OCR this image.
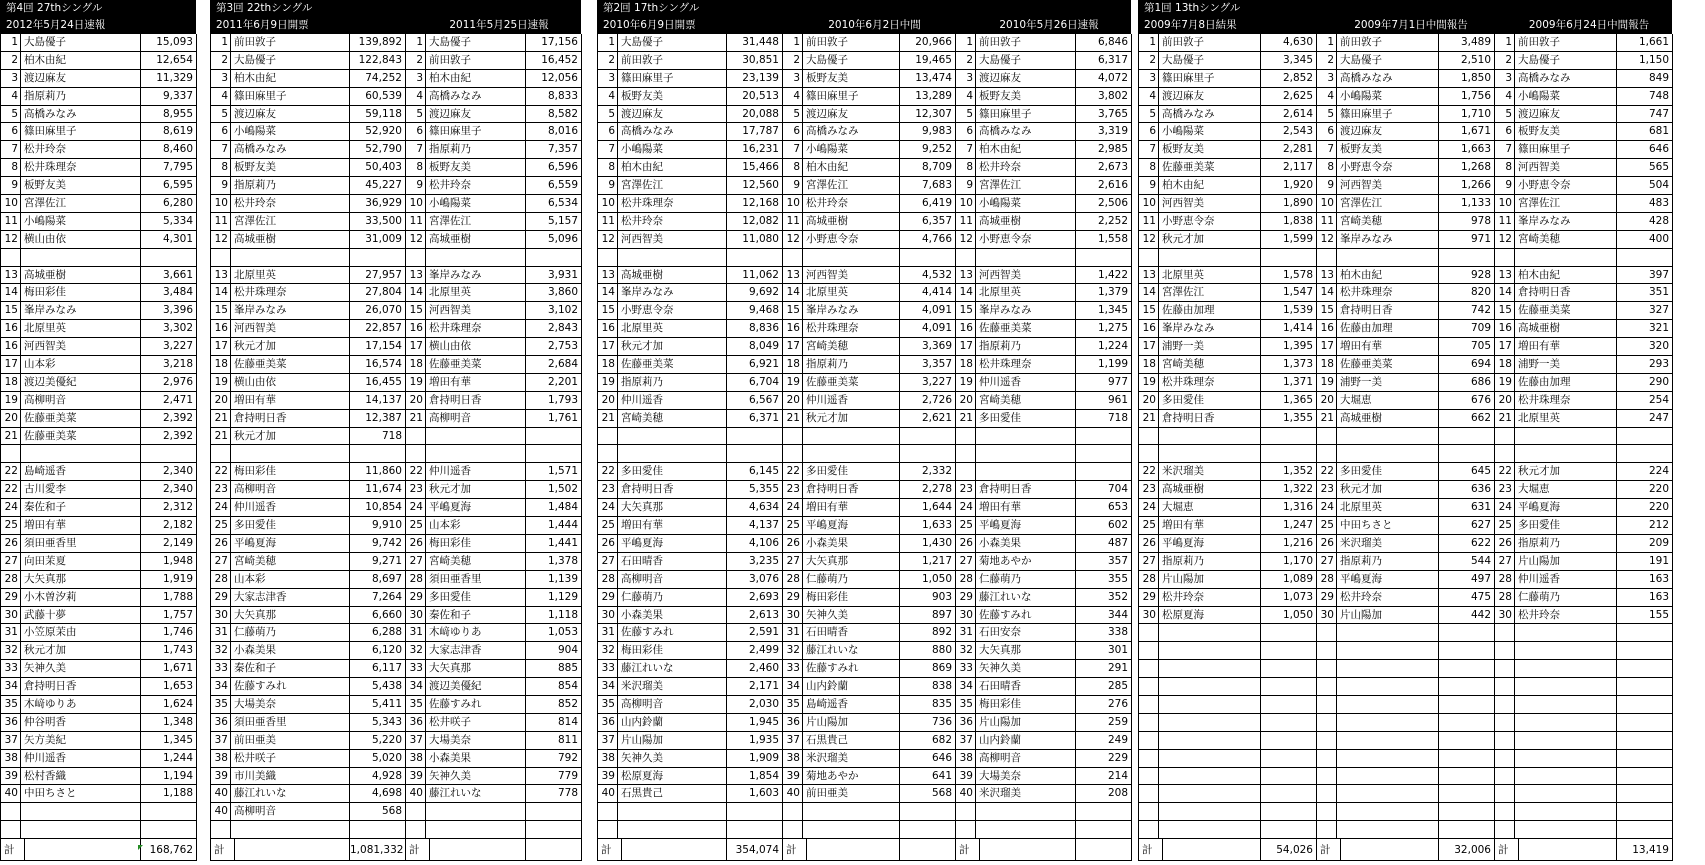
第4回 27thシングル
2012年5月24日速報
1 大島優子	15,093
2 柏木由紀	12,654
3 渡辺麻友	11,329
4 指原莉乃	9,337
5 高橋みなみ	8,955
6 篠田麻里子	8,619
7 松井玲奈	8,460
8 松井珠理奈	7,795
9 板野友美	6,595
10 宮澤佐江	6,280
11 小嶋陽菜	5,334
12 横山由依	4,301
13 高城亜樹	3,661
14 梅田彩佳	3,484
15 峯岸みなみ	3,396
16 北原里英	3,302
16 河西智美	3,227
17 山本彩	3,218
18 渡辺美優紀	2,976
19 高柳明音	2,471
20 佐藤亜美菜	2,392
21 佐藤亜美菜	2,392
22 島崎遥香	2,340
22 古川愛李	2,340
24 秦佐和子	2,312
25 増田有華	2,182
26 須田亜香里	2,149
27 向田茉夏	1,948
28 大矢真那	1,919
29 小木曽汐莉	1,788
30 武藤十夢	1,757
31 小笠原茉由	1,746
32 秋元才加	1,743
33 矢神久美	1,671
34 倉持明日香	1,653
35 木﨑ゆりあ	1,624
36 仲谷明香	1,348
37 矢方美紀	1,345
38 仲川遥香	1,244
39 松村香織	1,194
40 中田ちさと	1,188
計	168,762
第3回 22thシングル
2011年6月9日開票	2011年5月25日速報
1 前田敦子	139,892
2 大島優子	122,843
3 柏木由紀	74,252
4 篠田麻里子	60,539
5 渡辺麻友	59,118
6 小嶋陽菜	52,920
7 高橋みなみ	52,790
8 板野友美	50,403
9 指原莉乃	45,227
10 松井玲奈	36,929
11 宮澤佐江	33,500
12 高城亜樹	31,009
13 北原里英	27,957
14 松井珠理奈	27,804
15 峯岸みなみ	26,070
16 河西智美	22,857
17 秋元才加	17,154
18 佐藤亜美菜	16,574
19 横山由依	16,455
20 増田有華	14,137
21 倉持明日香	12,387
21 秋元才加	718
22 梅田彩佳	11,860
23 高柳明音	11,674
24 仲川遥香	10,854
25 多田愛佳	9,910
26 平嶋夏海	9,742
27 宮崎美穂	9,271
28 山本彩	8,697
29 大家志津香	7,264
30 大矢真那	6,660
31 仁藤萌乃	6,288
32 小森美果	6,120
33 秦佐和子	6,117
34 佐藤すみれ	5,438
35 大場美奈	5,411
36 須田亜香里	5,343
37 前田亜美	5,220
38 松井咲子	5,020
39 市川美織	4,928
40 藤江れいな	4,698
40 高柳明音	568
計	1,081,332
1 大島優子	17,156
2 前田敦子	16,452
3 柏木由紀	12,056
4 高橋みなみ	8,833
5 渡辺麻友	8,582
6 篠田麻里子	8,016
7 指原莉乃	7,357
8 板野友美	6,596
9 松井玲奈	6,559
10 小嶋陽菜	6,534
11 宮澤佐江	5,157
12 高城亜樹	5,096
13 峯岸みなみ	3,931
14 北原里英	3,860
15 河西智美	3,102
16 松井珠理奈	2,843
17 横山由依	2,753
18 佐藤亜美菜	2,684
19 増田有華	2,201
20 倉持明日香	1,793
21 高柳明音	1,761
22 仲川遥香	1,571
23 秋元才加	1,502
24 平嶋夏海	1,484
25 山本彩	1,444
26 梅田彩佳	1,441
27 宮崎美穂	1,378
28 須田亜香里	1,139
29 多田愛佳	1,129
30 秦佐和子	1,118
31 木﨑ゆりあ	1,053
32 大家志津香	904
33 大矢真那	885
34 渡辺美優紀	854
35 佐藤すみれ	852
36 松井咲子	814
37 大場美奈	811
38 小森美果	792
39 矢神久美	779
40 藤江れいな	778
計
第2回 17thシングル
2010年6月9日開票	2010年6月2日中間	2010年5月26日速報
1 大島優子	31,448
2 前田敦子	30,851
3 篠田麻里子	23,139
4 板野友美	20,513
5 渡辺麻友	20,088
6 高橋みなみ	17,787
7 小嶋陽菜	16,231
8 柏木由紀	15,466
9 宮澤佐江	12,560
10 松井珠理奈	12,168
11 松井玲奈	12,082
12 河西智美	11,080
13 高城亜樹	11,062
14 峯岸みなみ	9,692
15 小野恵令奈	9,468
16 北原里英	8,836
17 秋元才加	8,049
18 佐藤亜美菜	6,921
19 指原莉乃	6,704
20 仲川遥香	6,567
21 宮崎美穂	6,371
22 多田愛佳	6,145
23 倉持明日香	5,355
24 大矢真那	4,634
25 増田有華	4,137
26 平嶋夏海	4,106
27 石田晴香	3,235
28 高柳明音	3,076
29 仁藤萌乃	2,693
30 小森美果	2,613
31 佐藤すみれ	2,591
32 梅田彩佳	2,499
33 藤江れいな	2,460
34 米沢瑠美	2,171
35 高柳明音	2,030
36 山内鈴蘭	1,945
37 片山陽加	1,935
38 矢神久美	1,909
39 松原夏海	1,854
40 石黒貴己	1,603
計	354,074
1 前田敦子	20,966
2 大島優子	19,465
3 板野友美	13,474
4 篠田麻里子	13,289
5 渡辺麻友	12,307
6 高橋みなみ	9,983
7 小嶋陽菜	9,252
8 柏木由紀	8,709
9 宮澤佐江	7,683
10 松井玲奈	6,419
11 高城亜樹	6,357
12 小野恵令奈	4,766
13 河西智美	4,532
14 北原里英	4,414
15 峯岸みなみ	4,091
16 松井珠理奈	4,091
17 宮崎美穂	3,369
18 指原莉乃	3,357
19 佐藤亜美菜	3,227
20 仲川遥香	2,726
21 秋元才加	2,621
22 多田愛佳	2,332
23 倉持明日香	2,278
24 増田有華	1,644
25 平嶋夏海	1,633
26 小森美果	1,430
27 大矢真那	1,217
28 仁藤萌乃	1,050
29 梅田彩佳	903
30 矢神久美	897
31 石田晴香	892
32 藤江れいな	880
33 佐藤すみれ	869
34 山内鈴蘭	838
35 島崎遥香	835
36 片山陽加	736
37 石黒貴己	682
38 米沢瑠美	646
39 菊地あやか	641
40 前田亜美	568
計
1 前田敦子	6,846
2 大島優子	6,317
3 渡辺麻友	4,072
4 板野友美	3,802
5 篠田麻里子	3,765
6 高橋みなみ	3,319
7 柏木由紀	2,985
8 松井玲奈	2,673
9 宮澤佐江	2,616
10 小嶋陽菜	2,506
11 高城亜樹	2,252
12 小野恵令奈	1,558
13 河西智美	1,422
14 北原里英	1,379
15 峯岸みなみ	1,345
16 佐藤亜美菜	1,275
17 指原莉乃	1,224
18 松井珠理奈	1,199
19 仲川遥香	977
20 宮崎美穂	961
21 多田愛佳	718
23 倉持明日香	704
24 増田有華	653
25 平嶋夏海	602
26 小森美果	487
27 菊地あやか	357
28 仁藤萌乃	355
29 藤江れいな	352
30 佐藤すみれ	344
31 石田安奈	338
32 大矢真那	301
33 矢神久美	291
34 石田晴香	285
35 梅田彩佳	276
36 片山陽加	259
37 山内鈴蘭	249
38 高柳明音	229
39 大場美奈	214
40 米沢瑠美	208
計
第1回 13thシングル
2009年7月8日結果	2009年7月1日中間報告	2009年6月24日中間報告
1 前田敦子	4,630
2 大島優子	3,345
3 篠田麻里子	2,852
4 渡辺麻友	2,625
5 高橋みなみ	2,614
6 小嶋陽菜	2,543
7 板野友美	2,281
8 佐藤亜美菜	2,117
9 柏木由紀	1,920
10 河西智美	1,890
11 小野恵令奈	1,838
12 秋元才加	1,599
13 北原里英	1,578
14 宮澤佐江	1,547
15 佐藤由加理	1,539
16 峯岸みなみ	1,414
17 浦野一美	1,395
18 宮崎美穂	1,373
19 松井珠理奈	1,371
20 多田愛佳	1,365
21 倉持明日香	1,355
22 米沢瑠美	1,352
23 高城亜樹	1,322
24 大堀恵	1,316
25 増田有華	1,247
26 平嶋夏海	1,216
27 指原莉乃	1,170
28 片山陽加	1,089
29 松井玲奈	1,073
30 松原夏海	1,050
計	54,026
1 前田敦子	3,489
2 大島優子	2,510
3 高橋みなみ	1,850
4 小嶋陽菜	1,756
5 篠田麻里子	1,710
6 渡辺麻友	1,671
7 板野友美	1,663
8 小野恵令奈	1,268
9 河西智美	1,266
10 宮澤佐江	1,133
11 宮崎美穂	978
12 峯岸みなみ	971
13 柏木由紀	928
14 松井珠理奈	820
15 倉持明日香	742
16 佐藤由加理	709
17 増田有華	705
18 佐藤亜美菜	694
19 浦野一美	686
20 大堀恵	676
21 高城亜樹	662
22 多田愛佳	645
23 秋元才加	636
24 北原里英	631
25 中田ちさと	627
26 米沢瑠美	622
27 指原莉乃	544
28 平嶋夏海	497
29 松井玲奈	475
30 片山陽加	442
計	32,006
1 前田敦子	1,661
2 大島優子	1,150
3 高橋みなみ	849
4 小嶋陽菜	748
5 渡辺麻友	747
6 板野友美	681
7 篠田麻里子	646
8 河西智美	565
9 小野恵令奈	504
10 宮澤佐江	483
11 峯岸みなみ	428
12 宮崎美穂	400
13 柏木由紀	397
14 倉持明日香	351
15 佐藤亜美菜	327
16 高城亜樹	321
17 増田有華	320
18 浦野一美	293
19 佐藤由加理	290
20 松井珠理奈	254
21 北原里英	247
22 秋元才加	224
23 大堀恵	220
24 平嶋夏海	220
25 多田愛佳	212
26 指原莉乃	209
27 片山陽加	191
28 仲川遥香	163
28 仁藤萌乃	163
30 松井玲奈	155
計	13,419
